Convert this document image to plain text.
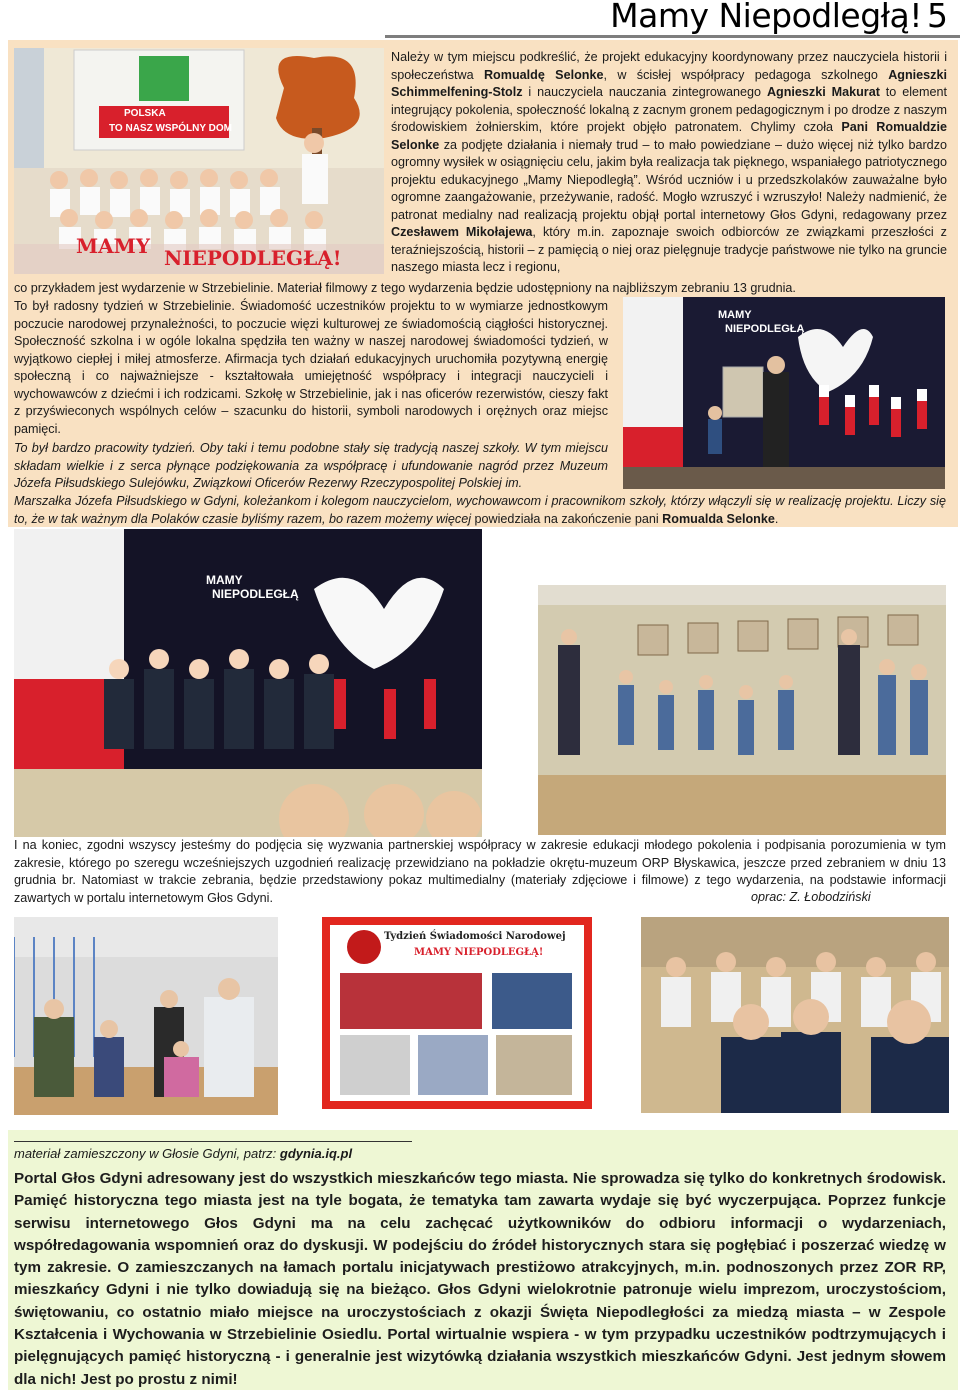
Mamy Niepodległą! 5
POLSKA
TO NASZ WSPÓLNY DOM
MAMY NIEPODLEGŁĄ!
Należy w tym miejscu podkreślić, że projekt edukacyjny koordynowany przez nauczyciela historii i społeczeństwa Romualdę Selonke, w ścisłej współpracy pedagoga szkolnego Agnieszki Schimmelfening-Stolz i nauczyciela nauczania zintegrowanego Agnieszki Makurat to element integrujący pokolenia, społeczność lokalną z zacnym gronem pedagogicznym i po drodze z naszym środowiskiem żołnierskim, które projekt objęło patronatem. Chylimy czoła Pani Romualdzie Selonke za podjęte działania i niemały trud – to mało powiedziane – dużo więcej niż tylko bardzo ogromny wysiłek w osiągnięciu celu, jakim była realizacja tak pięknego, wspaniałego patriotycznego projektu edukacyjnego „Mamy Niepodległą”. Wśród uczniów i u przedszkolaków zauważalne było ogromne zaangażowanie, przeżywanie, radość. Mogło wzruszyć i wzruszyło! Należy nadmienić, że patronat medialny nad realizacją projektu objął portal internetowy Głos Gdyni, redagowany przez Czesławem Mikołajewa, który m.in. zapoznaje swoich odbiorców ze związkami przeszłości z teraźniejszością, historii – z pamięcią o niej oraz pielęgnuje tradycje państwowe nie tylko na gruncie naszego miasta lecz i regionu,
co przykładem jest wydarzenie w Strzebielinie. Materiał filmowy z tego wydarzenia będzie udostępniony na najbliższym zebraniu 13 grudnia.
To był radosny tydzień w Strzebielinie. Świadomość uczestników projektu to w wymiarze jednostkowym poczucie narodowej przynależności, to poczucie więzi kulturowej ze świadomością ciągłości historycznej. Społeczność szkolna i w ogóle lokalna spędziła ten ważny w naszej narodowej świadomości tydzień, w wyjątkowo ciepłej i miłej atmosferze. Afirmacja tych działań edukacyjnych uruchomiła pozytywną energię społeczną i co najważniejsze - kształtowała umiejętność współpracy i integracji nauczycieli i wychowawców z dziećmi i ich rodzicami. Szkołę w Strzebielinie, jak i nas oficerów rezerwistów, cieszy fakt z przyświeconych wspólnych celów – szacunku do historii, symboli narodowych i orężnych oraz miejsc pamięci.
To był bardzo pracowity tydzień. Oby taki i temu podobne stały się tradycją naszej szkoły. W tym miejscu składam wielkie i z serca płynące podziękowania za współpracę i ufundowanie nagród przez Muzeum Józefa Piłsudskiego Sulejówku, Związkowi Oficerów Rezerwy Rzeczypospolitej Polskiej im.
Marszałka Józefa Piłsudskiego w Gdyni, koleżankom i kolegom nauczycielom, wychowawcom i pracownikom szkoły, którzy włączyli się w realizację projektu. Liczy się to, że w tak ważnym dla Polaków czasie byliśmy razem, bo razem możemy więcej powiedziała na zakończenie pani Romualda Selonke.
MAMY
NIEPODLEGŁĄ
MAMY
NIEPODLEGŁĄ
I na koniec, zgodni wszyscy jesteśmy do podjęcia się wyzwania partnerskiej współpracy w zakresie edukacji młodego pokolenia i podpisania porozumienia w tym zakresie, którego po szeregu wcześniejszych uzgodnień realizację przewidziano na pokładzie okrętu-muzeum ORP Błyskawica, jeszcze przed zebraniem w dniu 13 grudnia br. Natomiast w trakcie zebrania, będzie przedstawiony pokaz multimedialny (materiały zdjęciowe i filmowe) z tego wydarzenia, na podstawie informacji zawartych w portalu internetowym Głos Gdyni.	oprac: Z. Łobodziński
Tydzień Świadomości Narodowej
MAMY NIEPODLEGŁĄ!
materiał zamieszczony w Głosie Gdyni, patrz: gdynia.iq.pl
Portal Głos Gdyni adresowany jest do wszystkich mieszkańców tego miasta. Nie sprowadza się tylko do konkretnych środowisk. Pamięć historyczna tego miasta jest na tyle bogata, że tematyka tam zawarta wydaje się być wyczerpująca. Poprzez funkcje serwisu internetowego Głos Gdyni ma na celu zachęcać użytkowników do odbioru informacji o wydarzeniach, współredagowania wspomnień oraz do dyskusji. W podejściu do źródeł historycznych stara się pogłębiać i poszerzać wiedzę w tym zakresie. O zamieszczanych na łamach portalu inicjatywach prestiżowo atrakcyjnych, m.in. podnoszonych przez ZOR RP, mieszkańcy Gdyni i nie tylko dowiadują się na bieżąco. Głos Gdyni wielokrotnie patronuje wielu imprezom, uroczystościom, świętowaniu, co ostatnio miało miejsce na uroczystościach z okazji Święta Niepodległości za miedzą miasta – w Zespole Kształcenia i Wychowania w Strzebielinie Osiedlu. Portal wirtualnie wspiera - w tym przypadku uczestników podtrzymujących i pielęgnujących pamięć historyczną - i generalnie jest wizytówką działania wszystkich mieszkańców Gdyni. Jest jednym słowem dla nich! Jest po prostu z nimi!
